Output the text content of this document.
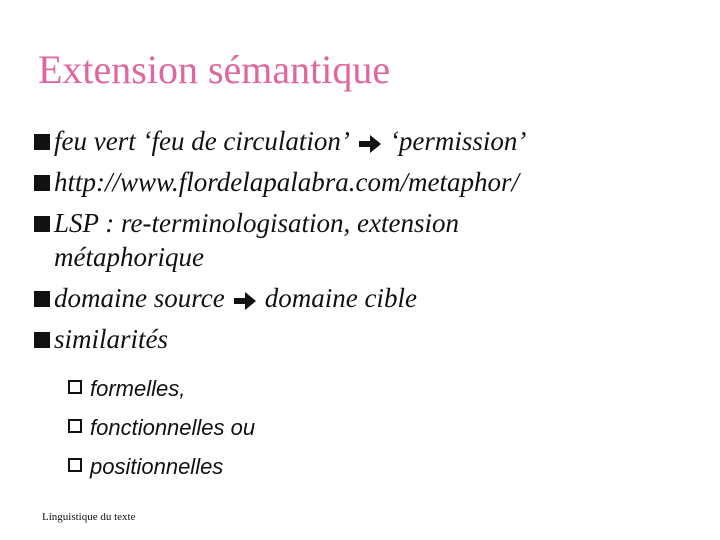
Extension sémantique
feu vert ‘feu de circulation’ ‘permission’
http://www.flordelapalabra.com/metaphor/
LSP : re-terminologisation, extension
métaphorique
domaine source domaine cible
similarités
formelles,
fonctionnelles ou
positionnelles
Linguistique du texte
